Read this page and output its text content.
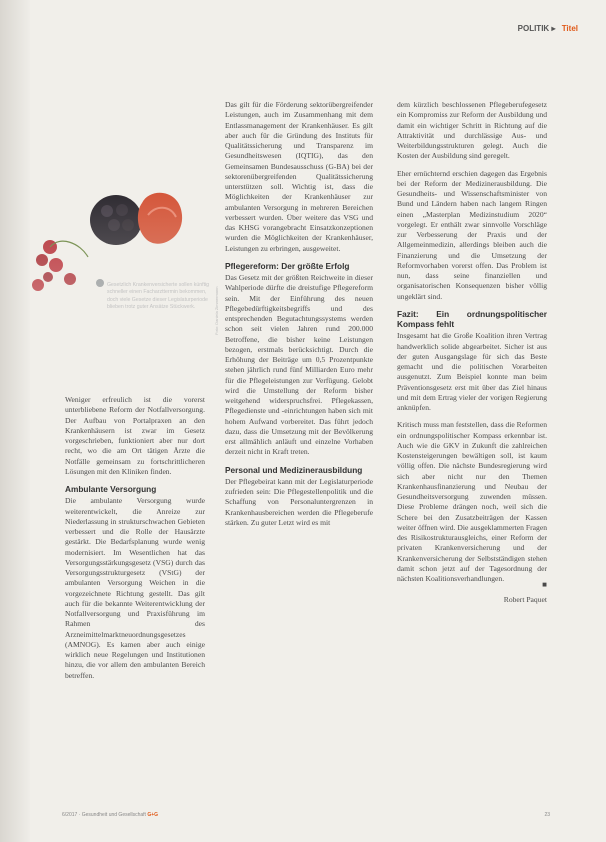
POLITIK ▸ Titel
Gesetzlich Krankenversicherte sollen künftig schneller einen Facharzttermin bekommen, doch viele Gesetze dieser Legislaturperiode blieben trotz guter Ansätze Stückwerk.	Foto: Daniela Zimmermann

Weniger erfreulich ist die vorerst unterbliebene Reform der Notfallversorgung. Der Aufbau von Portalpraxen an den Krankenhäusern ist zwar im Gesetz vorgeschrieben, funktioniert aber nur dort recht, wo die am Ort tätigen Ärzte die Notfälle gemeinsam zu fortschrittlicheren Lösungen mit den Kliniken finden.

Ambulante Versorgung

Die ambulante Versorgung wurde weiterentwickelt, die Anreize zur Niederlassung in strukturschwachen Gebieten verbessert und die Rolle der Hausärzte gestärkt. Die Bedarfsplanung wurde wenig modernisiert. Im Wesentlichen hat das Versorgungsstärkungsgesetz (VSG) durch das Versorgungsstrukturgesetz (VStG) der ambulanten Versorgung Weichen in die vorgezeichnete Richtung gestellt. Das gilt auch für die bekannte Weiterentwicklung der Notfallversorgung und Praxisführung im Rahmen des Arzneimittelmarktneuordnungsgesetzes (AMNOG). Es kamen aber auch einige wirklich neue Regelungen und Institutionen hinzu, die vor allem den ambulanten Bereich betreffen.

Das gilt für die Förderung sektorübergreifender Leistungen, auch im Zusammenhang mit dem Entlassmanagement der Krankenhäuser. Es gilt aber auch für die Gründung des Instituts für Qualitätssicherung und Transparenz im Gesundheitswesen (IQTIG), das den Gemeinsamen Bundesausschuss (G-BA) bei der sektorenübergreifenden Qualitätssicherung unterstützen soll. Wichtig ist, dass die Möglichkeiten der Krankenhäuser zur ambulanten Versorgung in mehreren Bereichen verbessert wurden. Über weitere das VSG und das KHSG vorangebracht Einsatzkonzeptionen wurden die Möglichkeiten der Krankenhäuser, Leistungen zu erbringen, ausgeweitet.

Pflegereform: Der größte Erfolg

Das Gesetz mit der größten Reichweite in dieser Wahlperiode dürfte die dreistufige Pflegereform sein. Mit der Einführung des neuen Pflegebedürftigkeitsbegriffs und des entsprechenden Begutachtungssystems werden schon seit vielen Jahren rund 200.000 Betroffene, die bisher keine Leistungen bezogen, erstmals berücksichtigt. Durch die Erhöhung der Beiträge um 0,5 Prozentpunkte stehen jährlich rund fünf Milliarden Euro mehr für die Pflegeleistungen zur Verfügung. Gelobt wird die Umstellung der Reform bisher weitgehend widerspruchsfrei. Pflegekassen, Pflegedienste und -einrichtungen haben sich mit hohem Aufwand vorbereitet. Das führt jedoch dazu, dass die Umsetzung mit der Bevölkerung erst allmählich anläuft und einzelne Vorhaben derzeit nicht in Kraft treten.

Personal und Medizinerausbildung

Der Pflegebeirat kann mit der Legislaturperiode zufrieden sein: Die Pflegestellenpolitik und die Schaffung von Personaluntergrenzen in Krankenhausbereichen werden die Pflegeberufe stärken. Zu guter Letzt wird es mit

dem kürzlich beschlossenen Pflegeberufegesetz ein Kompromiss zur Reform der Ausbildung und damit ein wichtiger Schritt in Richtung auf die Attraktivität und durchlässige Aus- und Weiterbildungsstrukturen gelegt. Auch die Kosten der Ausbildung sind geregelt.

Eher ernüchternd erschien dagegen das Ergebnis bei der Reform der Medizinerausbildung. Die Gesundheits- und Wissenschaftsminister von Bund und Ländern haben nach langem Ringen einen „Masterplan Medizinstudium 2020“ vorgelegt. Er enthält zwar sinnvolle Vorschläge zur Verbesserung der Praxis und der Allgemeinmedizin, allerdings bleiben auch die Finanzierung und die Umsetzung der Reformvorhaben vorerst offen. Das Problem ist nun, dass seine finanziellen und organisatorischen Konsequenzen bisher völlig ungeklärt sind.

Fazit: Ein ordnungspolitischer Kompass fehlt

Insgesamt hat die Große Koalition ihren Vertrag handwerklich solide abgearbeitet. Sicher ist aus der guten Ausgangslage für sich das Beste gemacht und die politischen Vorarbeiten ausgenutzt. Zum Beispiel konnte man beim Präventionsgesetz erst mit über das Ziel hinaus und mit dem Ertrag vieler der vorigen Regierung anknüpfen.

Kritisch muss man feststellen, dass die Reformen ein ordnungspolitischer Kompass erkennbar ist. Auch wie die GKV in Zukunft die zahlreichen Kostensteigerungen bewältigen soll, ist kaum völlig offen. Die nächste Bundesregierung wird sich aber nicht nur den Themen Krankenhausfinanzierung und Neubau der Gesundheitsversorgung zuwenden müssen. Diese Probleme drängen noch, weil sich die Schere bei den Zusatzbeiträgen der Kassen weiter öffnen wird. Die ausgeklammerten Fragen des Risikostrukturausgleichs, einer Reform der privaten Krankenversicherung und der Krankenversicherung der Selbstständigen stehen damit schon jetzt auf der Tagesordnung der nächsten Koalitionsverhandlungen.

■
Robert Paquet
6/2017 · Gesundheit und Gesellschaft G+G	23
